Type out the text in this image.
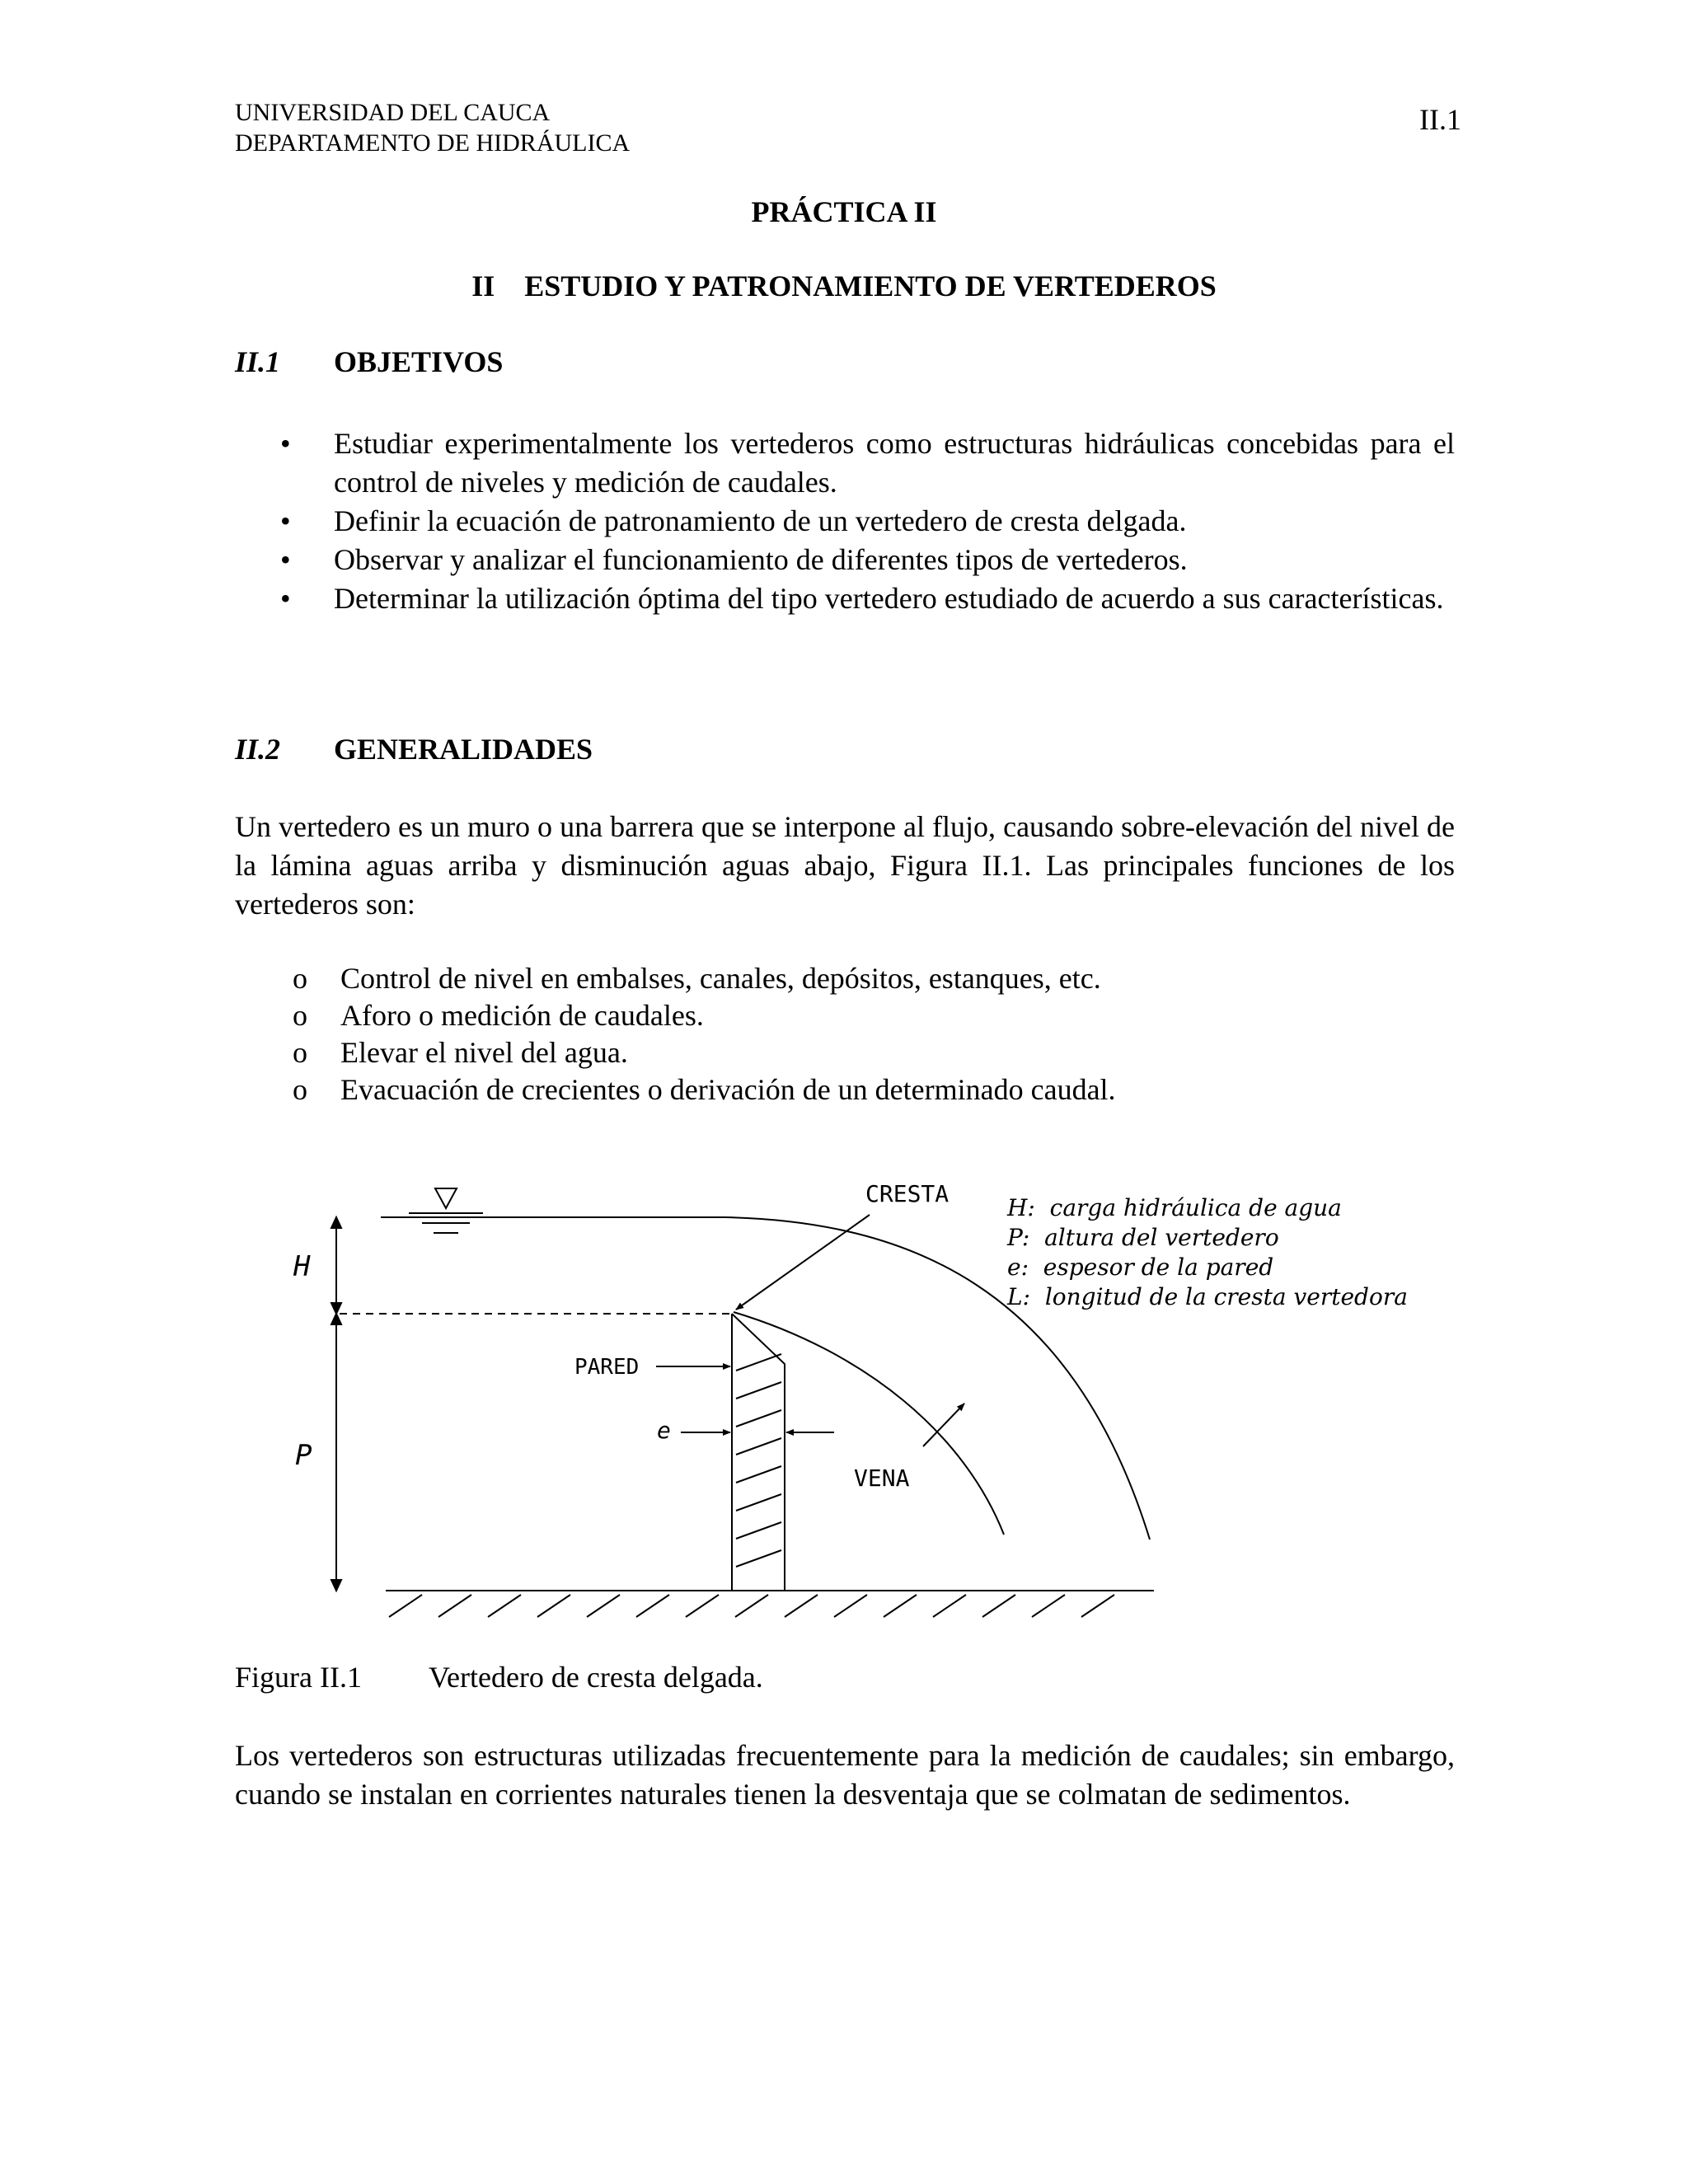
UNIVERSIDAD DEL CAUCA
DEPARTAMENTO DE HIDRÁULICA
II.1
PRÁCTICA II
II    ESTUDIO Y PATRONAMIENTO DE VERTEDEROS
II.1 OBJETIVOS
• Estudiar experimentalmente los vertederos como estructuras hidráulicas concebidas para el control de niveles y medición de caudales.
• Definir la ecuación de patronamiento de un vertedero de cresta delgada.
• Observar y analizar el funcionamiento de diferentes tipos de vertederos.
• Determinar la utilización óptima del tipo vertedero estudiado de acuerdo a sus características.
II.2 GENERALIDADES
Un vertedero es un muro o una barrera que se interpone al flujo, causando sobre-elevación del nivel de la lámina aguas arriba y disminución aguas abajo, Figura II.1. Las principales funciones de los vertederos son:
o Control de nivel en embalses, canales, depósitos, estanques, etc.
o Aforo o medición de caudales.
o Elevar el nivel del agua.
o Evacuación de crecientes o derivación de un determinado caudal.
H
P
e
CRESTA
PARED
VENA
H:  carga hidráulica de agua
P:  altura del vertedero
e:  espesor de la pared
L:  longitud de la cresta vertedora
Figura II.1 Vertedero de cresta delgada.
Los vertederos son estructuras utilizadas frecuentemente para la medición de caudales; sin embargo, cuando se instalan en corrientes naturales tienen la desventaja que se colmatan de sedimentos.
